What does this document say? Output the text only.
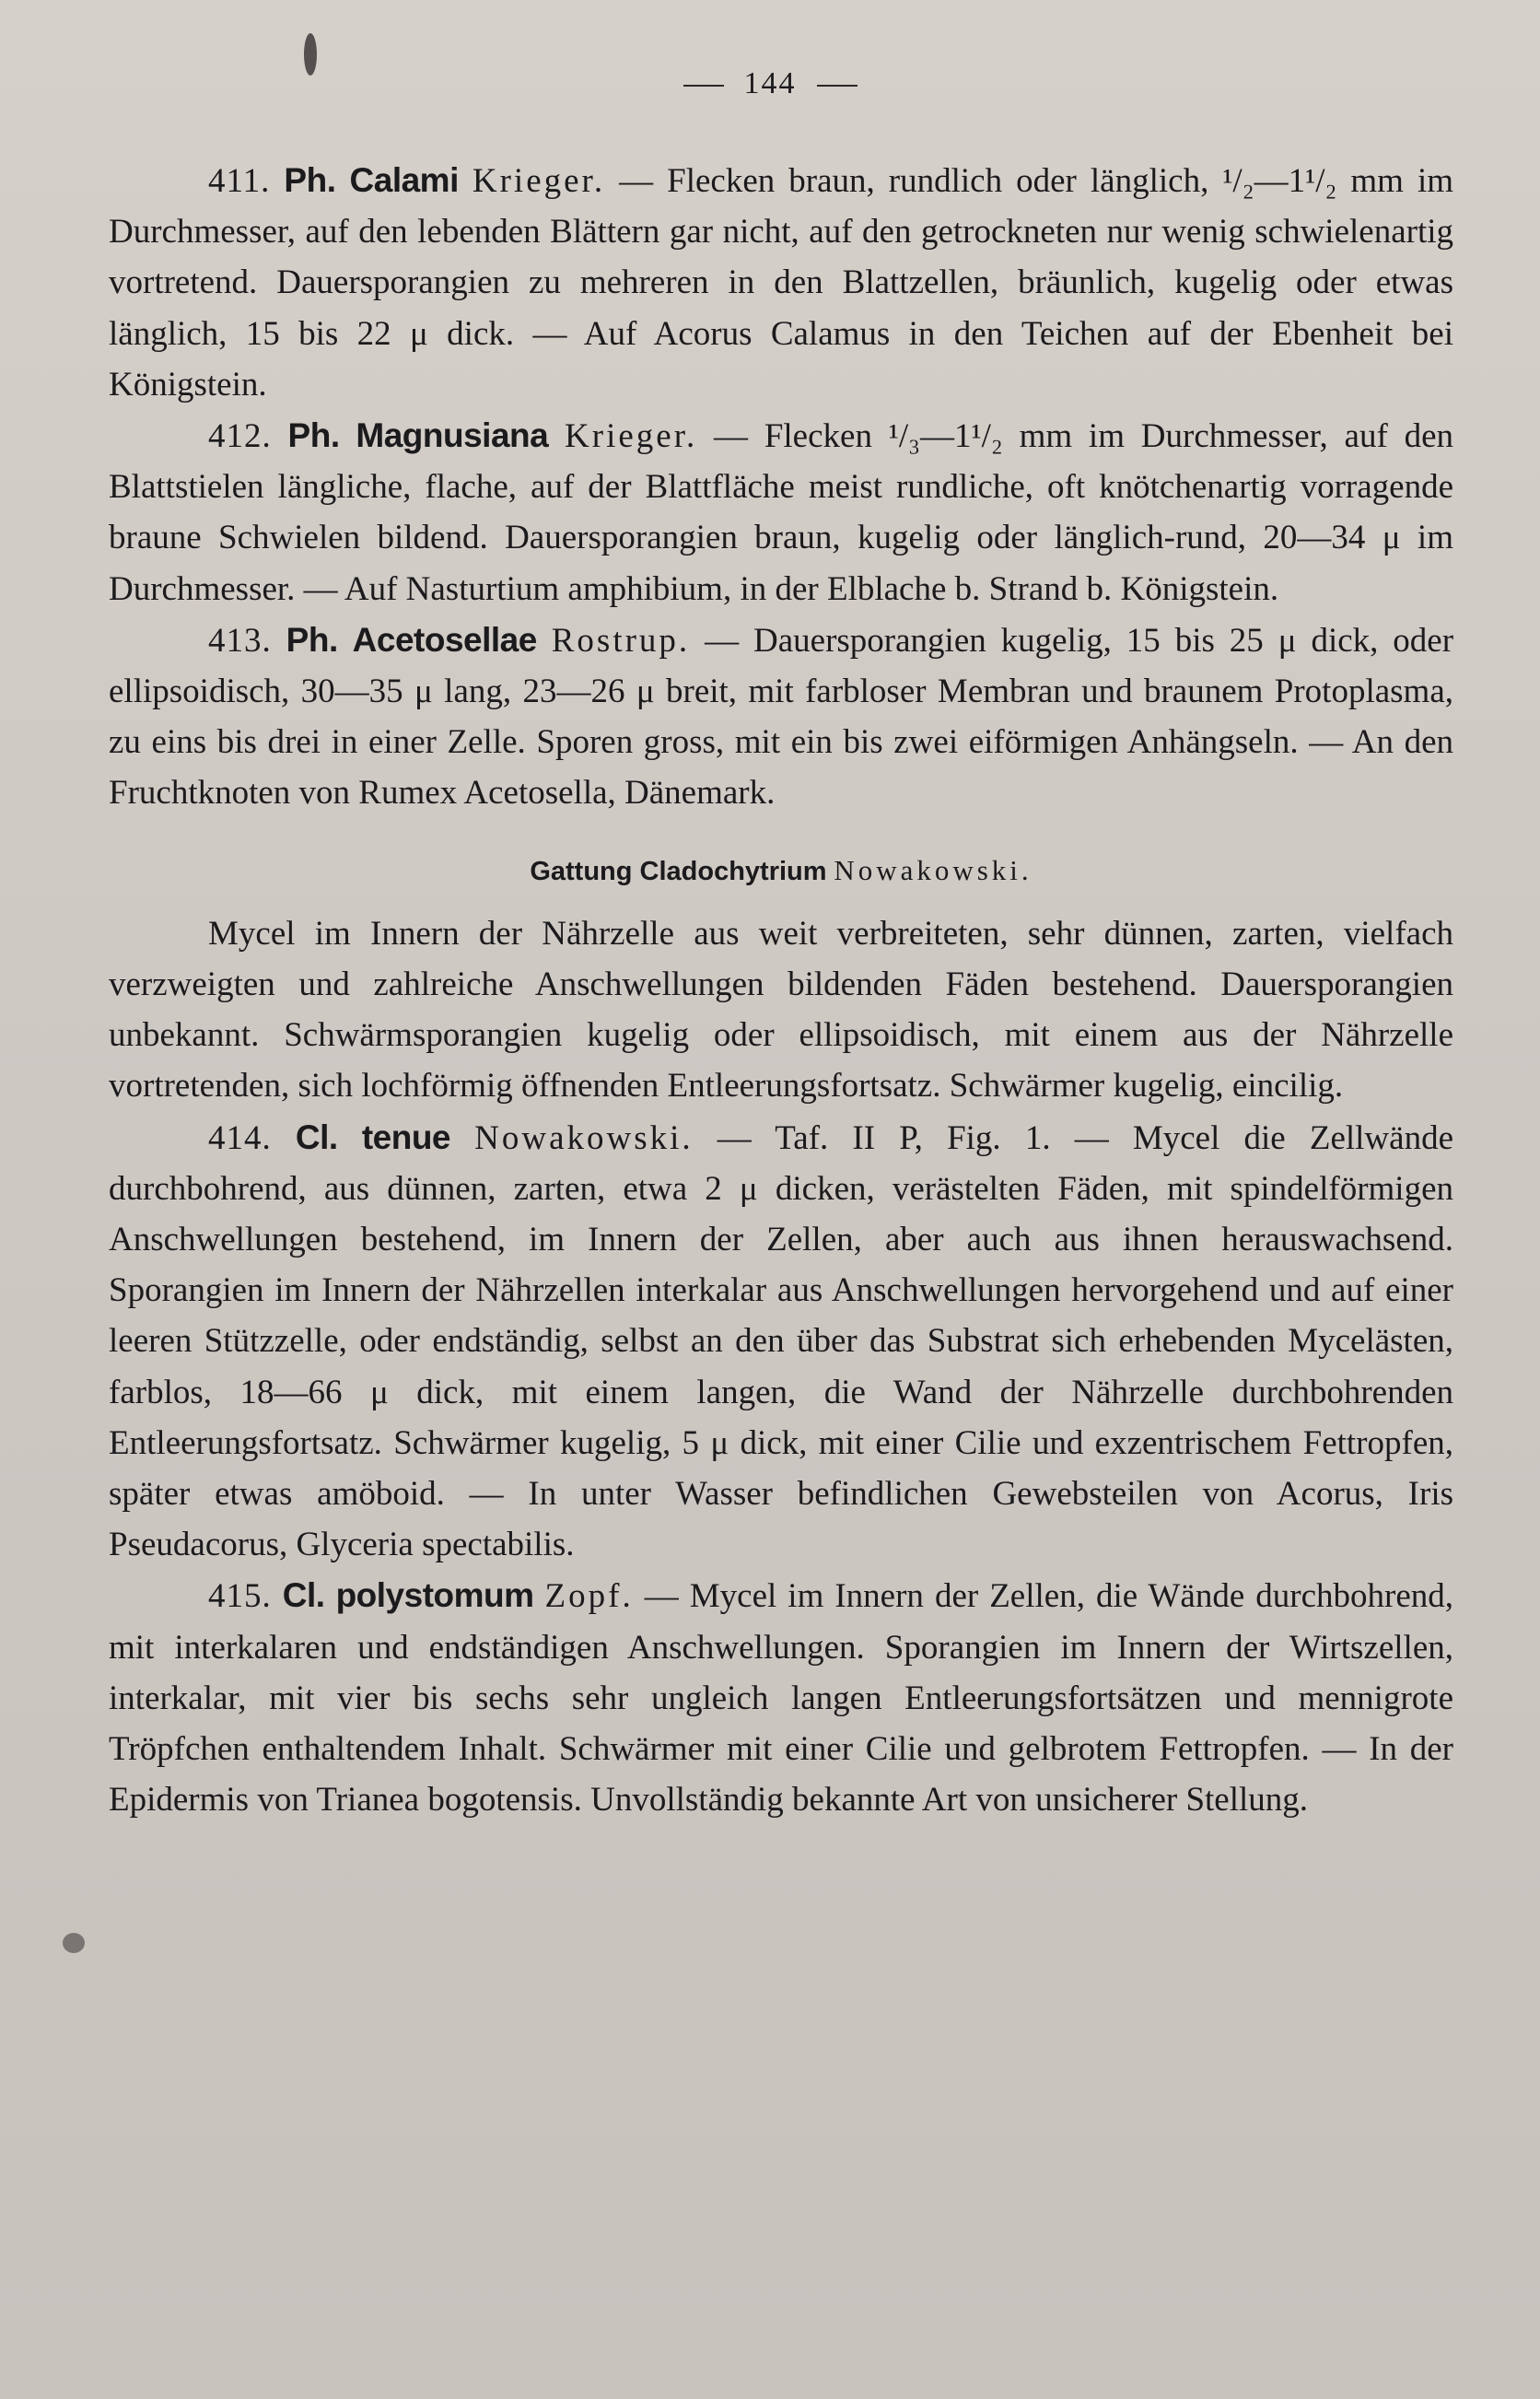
144

411. Ph. Calami Krieger. — Flecken braun, rundlich oder länglich, ¹/₂—1¹/₂ mm im Durchmesser, auf den lebenden Blättern gar nicht, auf den getrockneten nur wenig schwielenartig vortretend. Dauersporangien zu mehreren in den Blattzellen, bräunlich, kugelig oder etwas länglich, 15 bis 22 μ dick. — Auf Acorus Calamus in den Teichen auf der Ebenheit bei Königstein.

412. Ph. Magnusiana Krieger. — Flecken ¹/₃—1¹/₂ mm im Durchmesser, auf den Blattstielen längliche, flache, auf der Blattfläche meist rundliche, oft knötchenartig vorragende braune Schwielen bildend. Dauersporangien braun, kugelig oder länglich-rund, 20—34 μ im Durchmesser. — Auf Nasturtium amphibium, in der Elblache b. Strand b. Königstein.

413. Ph. Acetosellae Rostrup. — Dauersporangien kugelig, 15 bis 25 μ dick, oder ellipsoidisch, 30—35 μ lang, 23—26 μ breit, mit farbloser Membran und braunem Protoplasma, zu eins bis drei in einer Zelle. Sporen gross, mit ein bis zwei eiförmigen Anhängseln. — An den Fruchtknoten von Rumex Acetosella, Dänemark.

Gattung Cladochytrium Nowakowski.

Mycel im Innern der Nährzelle aus weit verbreiteten, sehr dünnen, zarten, vielfach verzweigten und zahlreiche Anschwellungen bildenden Fäden bestehend. Dauersporangien unbekannt. Schwärmsporangien kugelig oder ellipsoidisch, mit einem aus der Nährzelle vortretenden, sich lochförmig öffnenden Entleerungsfortsatz. Schwärmer kugelig, eincilig.

414. Cl. tenue Nowakowski. — Taf. II P, Fig. 1. — Mycel die Zellwände durchbohrend, aus dünnen, zarten, etwa 2 μ dicken, verästelten Fäden, mit spindelförmigen Anschwellungen bestehend, im Innern der Zellen, aber auch aus ihnen herauswachsend. Sporangien im Innern der Nährzellen interkalar aus Anschwellungen hervorgehend und auf einer leeren Stützzelle, oder endständig, selbst an den über das Substrat sich erhebenden Mycelästen, farblos, 18—66 μ dick, mit einem langen, die Wand der Nährzelle durchbohrenden Entleerungsfortsatz. Schwärmer kugelig, 5 μ dick, mit einer Cilie und exzentrischem Fettropfen, später etwas amöboid. — In unter Wasser befindlichen Gewebsteilen von Acorus, Iris Pseudacorus, Glyceria spectabilis.

415. Cl. polystomum Zopf. — Mycel im Innern der Zellen, die Wände durchbohrend, mit interkalaren und endständigen Anschwellungen. Sporangien im Innern der Wirtszellen, interkalar, mit vier bis sechs sehr ungleich langen Entleerungsfortsätzen und mennigrote Tröpfchen enthaltendem Inhalt. Schwärmer mit einer Cilie und gelbrotem Fettropfen. — In der Epidermis von Trianea bogotensis. Unvollständig bekannte Art von unsicherer Stellung.
